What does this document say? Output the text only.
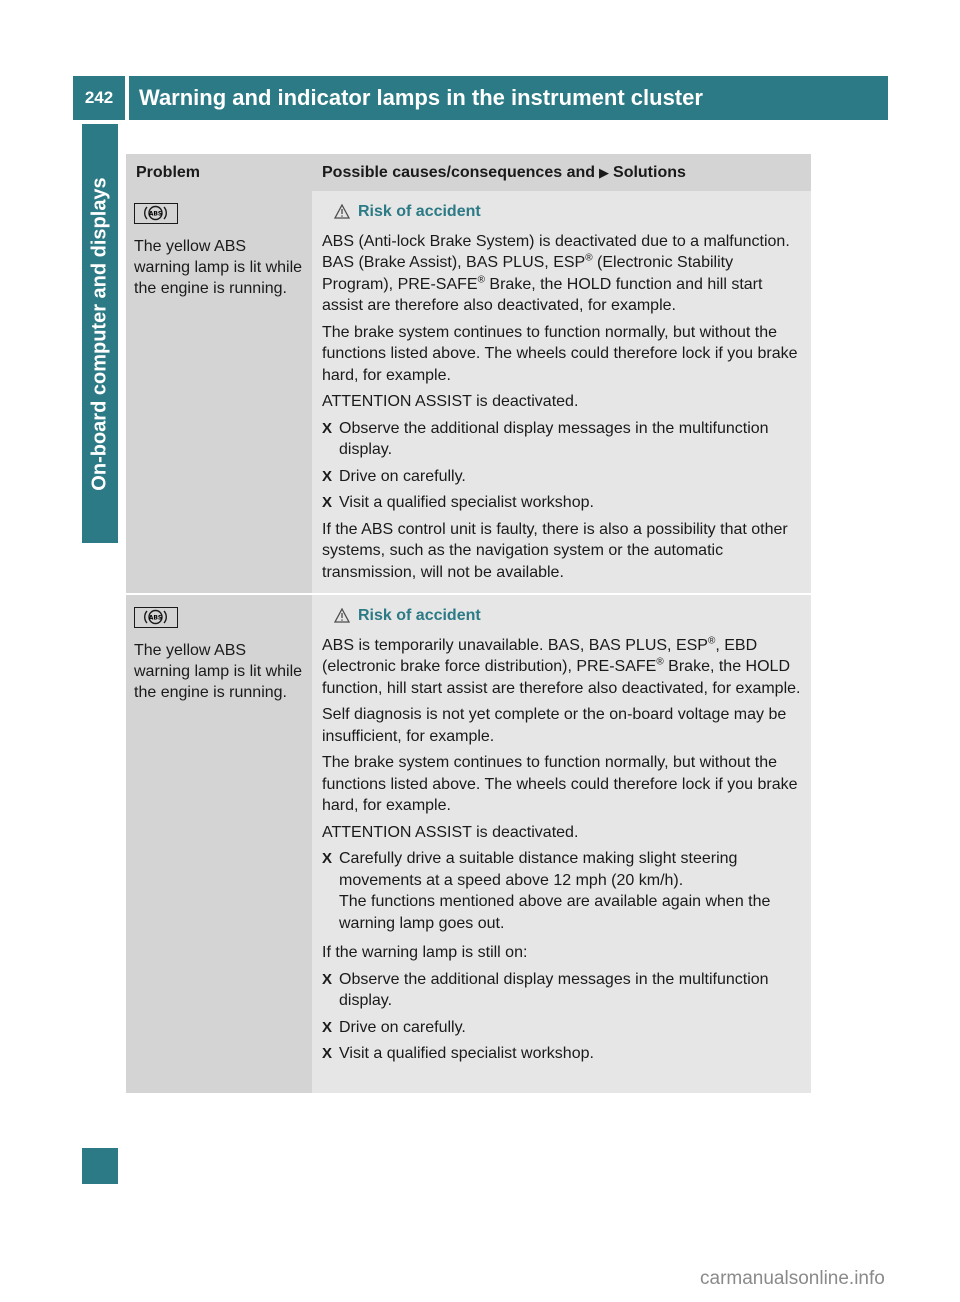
242	Warning and indicator lamps in the instrument cluster
On-board computer and displays
Problem	Possible causes/consequences and ▶ Solutions
ABS
The yellow ABS warning lamp is lit while the engine is running.
Risk of accident

ABS (Anti-lock Brake System) is deactivated due to a malfunction. BAS (Brake Assist), BAS PLUS, ESP® (Electronic Stability Program), PRE-SAFE® Brake, the HOLD function and hill start assist are therefore also deactivated, for example.

The brake system continues to function normally, but without the functions listed above. The wheels could therefore lock if you brake hard, for example.

ATTENTION ASSIST is deactivated.

X Observe the additional display messages in the multifunction display.
X Drive on carefully.
X Visit a qualified specialist workshop.

If the ABS control unit is faulty, there is also a possibility that other systems, such as the navigation system or the automatic transmission, will not be available.

ABS
The yellow ABS warning lamp is lit while the engine is running.
Risk of accident

ABS is temporarily unavailable. BAS, BAS PLUS, ESP®, EBD (electronic brake force distribution), PRE-SAFE® Brake, the HOLD function, hill start assist are therefore also deactivated, for example.

Self diagnosis is not yet complete or the on-board voltage may be insufficient, for example.

The brake system continues to function normally, but without the functions listed above. The wheels could therefore lock if you brake hard, for example.

ATTENTION ASSIST is deactivated.

X Carefully drive a suitable distance making slight steering movements at a speed above 12 mph (20 km/h).
The functions mentioned above are available again when the warning lamp goes out.

If the warning lamp is still on:

X Observe the additional display messages in the multifunction display.
X Drive on carefully.
X Visit a qualified specialist workshop.
carmanualsonline.info
